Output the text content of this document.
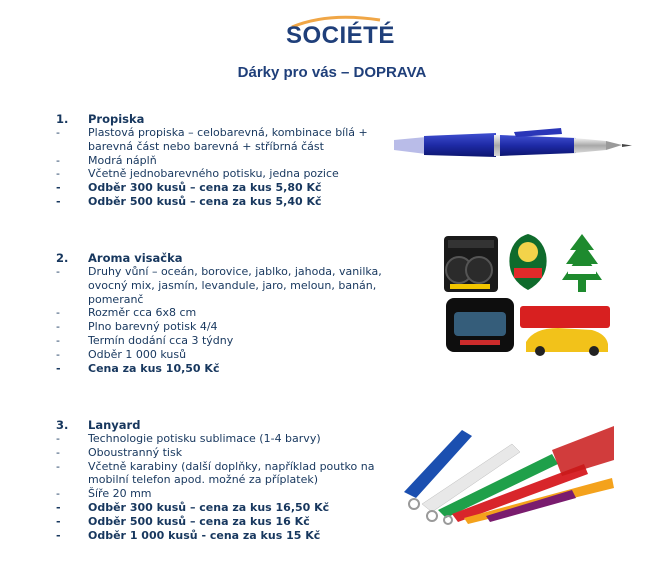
SOCIÉTÉ
Dárky pro vás – DOPRAVA
1.	Propiska
-	Plastová propiska – celobarevná, kombinace bílá + barevná část nebo barevná + stříbrná část
-	Modrá náplň
-	Včetně jednobarevného potisku, jedna pozice
-	Odběr 300 kusů – cena za kus 5,80 Kč
-	Odběr 500 kusů – cena za kus 5,40 Kč
2.	Aroma visačka
-	Druhy vůní – oceán, borovice, jablko, jahoda, vanilka, ovocný mix, jasmín, levandule, jaro, meloun, banán, pomeranč
-	Rozměr cca 6x8 cm
-	Plno barevný potisk 4/4
-	Termín dodání cca 3 týdny
-	Odběr 1 000 kusů
-	Cena za kus 10,50 Kč
3.	Lanyard
-	Technologie potisku sublimace (1-4 barvy)
-	Oboustranný tisk
-	Včetně karabiny (další doplňky, například poutko na mobilní telefon apod. možné za příplatek)
-	Šíře 20 mm
-	Odběr 300 kusů – cena za kus 16,50 Kč
-	Odběr 500 kusů – cena za kus 16 Kč
-	Odběr 1 000 kusů - cena za kus 15 Kč
